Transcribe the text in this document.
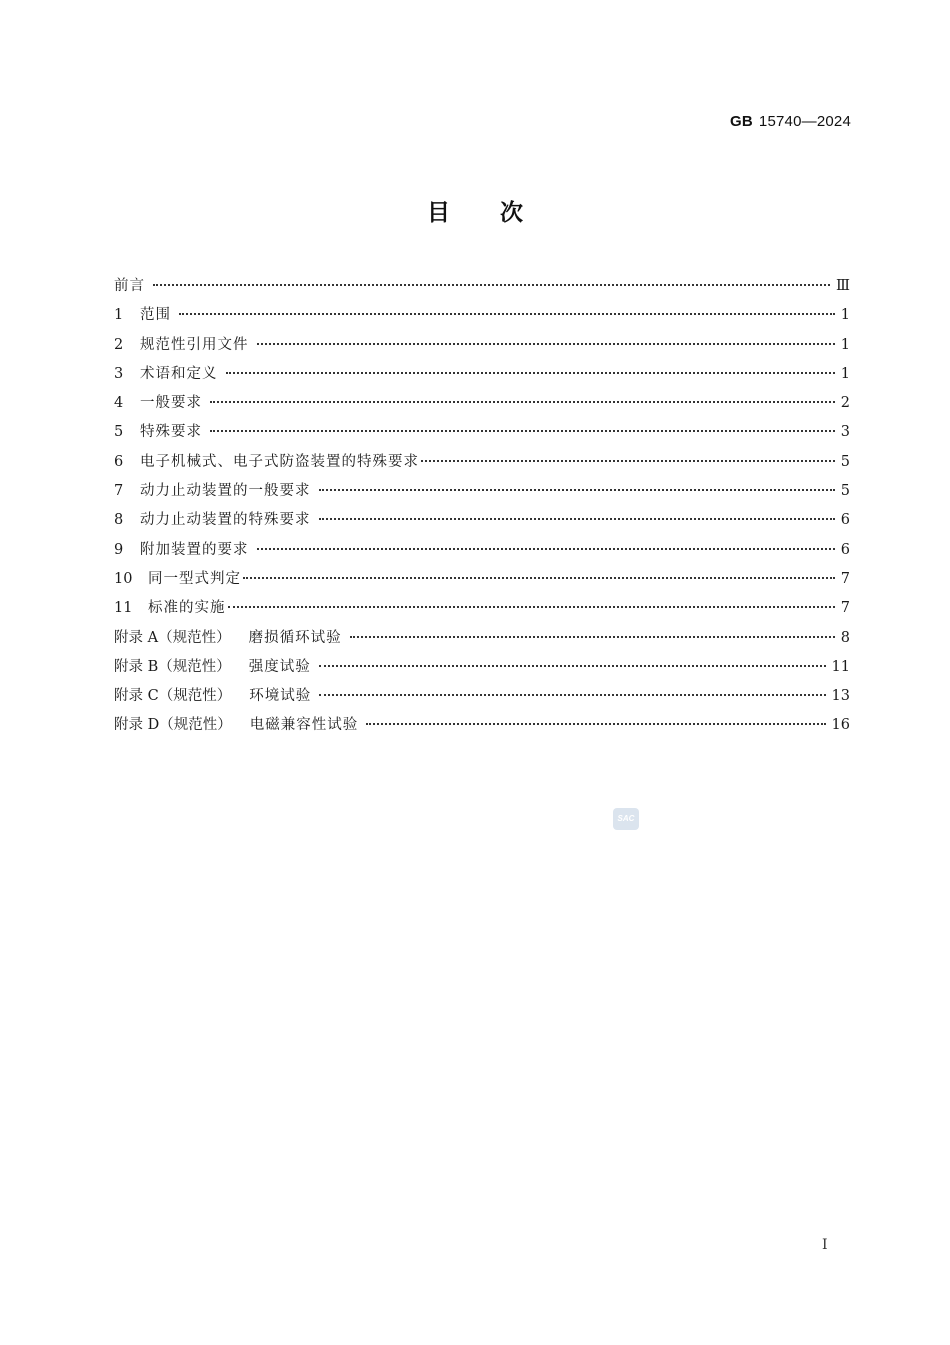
GB 15740—2024
目次
前言	Ⅲ
1	范围	1
2	规范性引用文件	1
3	术语和定义	1
4	一般要求	2
5	特殊要求	3
6	电子机械式、电子式防盗装置的特殊要求	5
7	动力止动装置的一般要求	5
8	动力止动装置的特殊要求	6
9	附加装置的要求	6
10	同一型式判定	7
11	标准的实施	7
附录 A（规范性） 磨损循环试验	8
附录 B（规范性） 强度试验	11
附录 C（规范性） 环境试验	13
附录 D（规范性） 电磁兼容性试验	16
SAC
I
